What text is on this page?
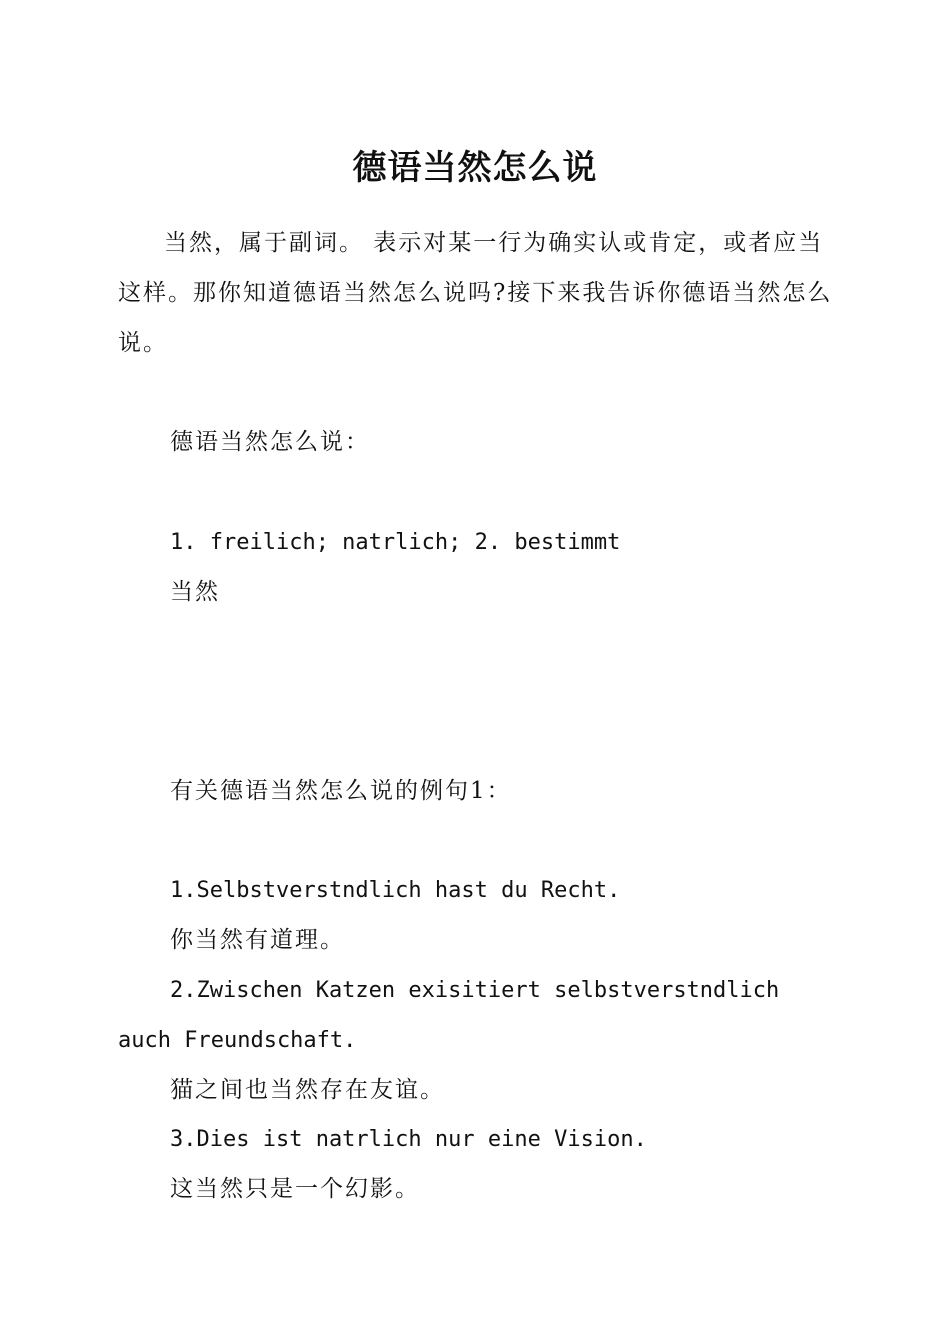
德语当然怎么说

当然，属于副词。 表示对某一行为确实认或肯定，或者应当这样。那你知道德语当然怎么说吗?接下来我告诉你德语当然怎么说。

德语当然怎么说：

1. freilich; natrlich; 2. bestimmt

当然

有关德语当然怎么说的例句1：

1.Selbstverstndlich hast du Recht.

你当然有道理。

2.Zwischen Katzen exisitiert selbstverstndlich auch Freundschaft.

猫之间也当然存在友谊。

3.Dies ist natrlich nur eine Vision.

这当然只是一个幻影。
